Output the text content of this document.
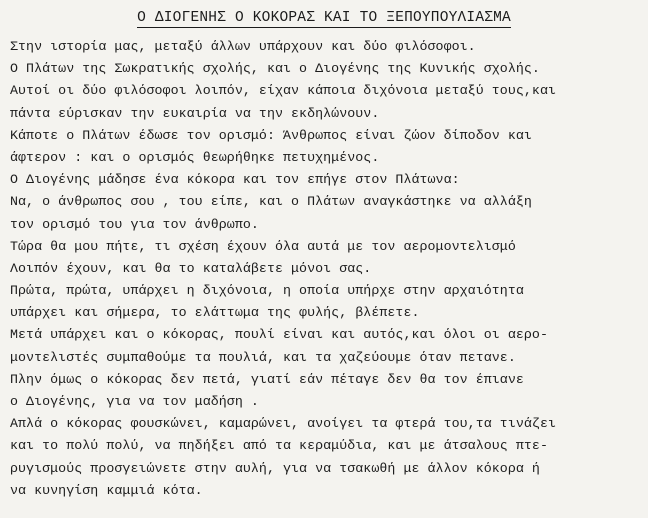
Ο ΔΙΟΓΕΝΗΣ Ο ΚΟΚΟΡΑΣ ΚΑΙ ΤΟ ΞΕΠΟΥΠΟΥΛΙΑΣΜΑ
Στην ιστορία μας, μεταξύ άλλων υπάρχουν και δύο φιλόσοφοι.
Ο Πλάτων της Σωκρατικής σχολής, και ο Διογένης της Κυνικής σχολής.
Αυτοί οι δύο φιλόσοφοι λοιπόν, είχαν κάποια διχόνοια μεταξύ τους,και
πάντα εύρισκαν την ευκαιρία να την εκδηλώνουν.
Κάποτε ο Πλάτων έδωσε τον ορισμό: Άνθρωπος είναι ζώον δίποδον και
άφτερον : και ο ορισμός θεωρήθηκε πετυχημένος.
Ο Διογένης μάδησε ένα κόκορα και τον επήγε στον Πλάτωνα:
Να, ο άνθρωπος σου , του είπε, και ο Πλάτων αναγκάστηκε να αλλάξη
τον ορισμό του για τον άνθρωπο.
Τώρα θα μου πήτε, τι σχέση έχουν όλα αυτά με τον αερομοντελισμό
Λοιπόν έχουν, και θα το καταλάβετε μόνοι σας.
Πρώτα, πρώτα, υπάρχει η διχόνοια, η οποία υπήρχε στην αρχαιότητα
υπάρχει και σήμερα, το ελάττωμα της φυλής, βλέπετε.
Μετά υπάρχει και ο κόκορας, πουλί είναι και αυτός,και όλοι οι αερο-
μοντελιστές συμπαθούμε τα πουλιά, και τα χαζεύουμε όταν πετανε.
Πλην όμως ο κόκορας δεν πετά, γιατί εάν πέταγε δεν θα τον έπιανε
ο Διογένης, για να τον μαδήση .
Απλά ο κόκορας φουσκώνει, καμαρώνει, ανοίγει τα φτερά του,τα τινάζει
και το πολύ πολύ, να πηδήξει από τα κεραμύδια, και με άτσαλους πτε-
ρυγισμούς προσγειώνετε στην αυλή, για να τσακωθή με άλλον κόκορα ή
να κυνηγίση καμμιά κότα.
